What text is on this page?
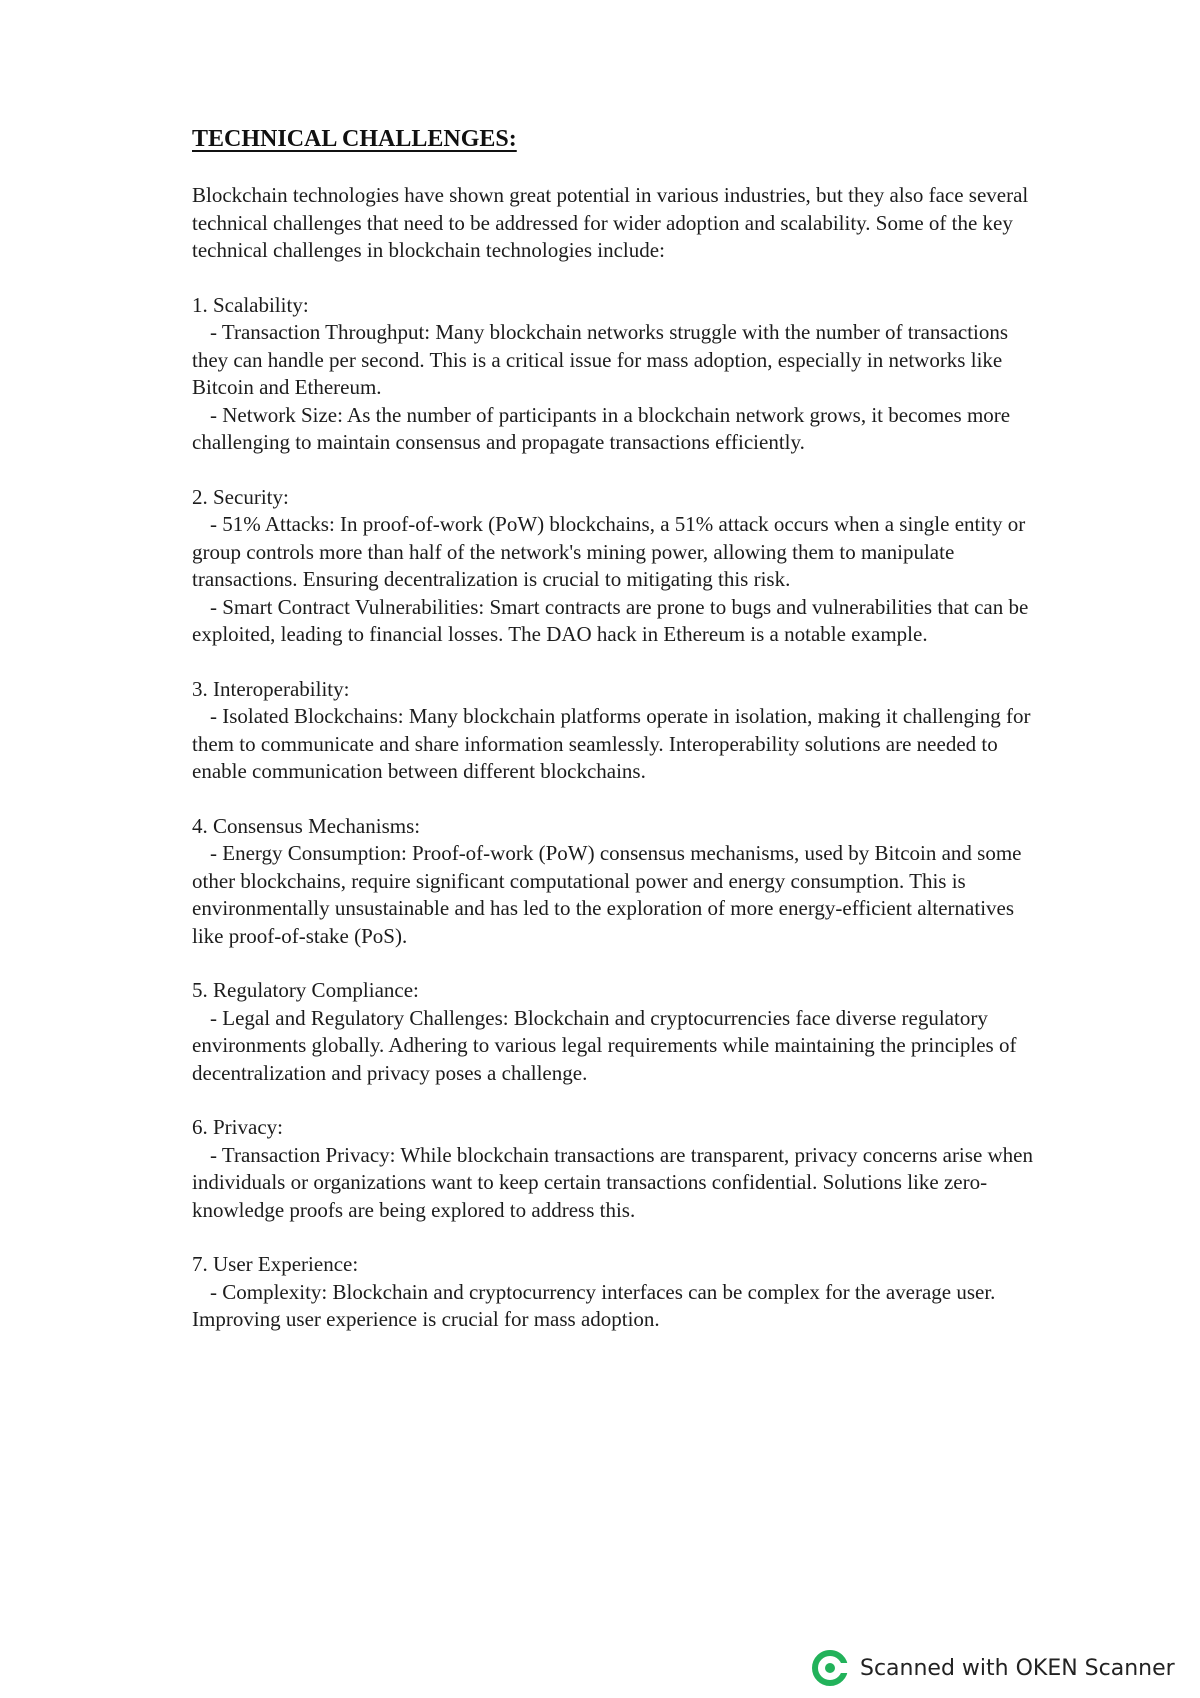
TECHNICAL CHALLENGES:

Blockchain technologies have shown great potential in various industries, but they also face several technical challenges that need to be addressed for wider adoption and scalability. Some of the key technical challenges in blockchain technologies include:

1. Scalability:

- Transaction Throughput: Many blockchain networks struggle with the number of transactions they can handle per second. This is a critical issue for mass adoption, especially in networks like Bitcoin and Ethereum.

- Network Size: As the number of participants in a blockchain network grows, it becomes more challenging to maintain consensus and propagate transactions efficiently.

2. Security:

- 51% Attacks: In proof-of-work (PoW) blockchains, a 51% attack occurs when a single entity or group controls more than half of the network's mining power, allowing them to manipulate transactions. Ensuring decentralization is crucial to mitigating this risk.

- Smart Contract Vulnerabilities: Smart contracts are prone to bugs and vulnerabilities that can be exploited, leading to financial losses. The DAO hack in Ethereum is a notable example.

3. Interoperability:

- Isolated Blockchains: Many blockchain platforms operate in isolation, making it challenging for them to communicate and share information seamlessly. Interoperability solutions are needed to enable communication between different blockchains.

4. Consensus Mechanisms:

- Energy Consumption: Proof-of-work (PoW) consensus mechanisms, used by Bitcoin and some other blockchains, require significant computational power and energy consumption. This is environmentally unsustainable and has led to the exploration of more energy-efficient alternatives like proof-of-stake (PoS).

5. Regulatory Compliance:

- Legal and Regulatory Challenges: Blockchain and cryptocurrencies face diverse regulatory environments globally. Adhering to various legal requirements while maintaining the principles of decentralization and privacy poses a challenge.

6. Privacy:

- Transaction Privacy: While blockchain transactions are transparent, privacy concerns arise when individuals or organizations want to keep certain transactions confidential. Solutions like zero-knowledge proofs are being explored to address this.

7. User Experience:

- Complexity: Blockchain and cryptocurrency interfaces can be complex for the average user. Improving user experience is crucial for mass adoption.

Scanned with OKEN Scanner
